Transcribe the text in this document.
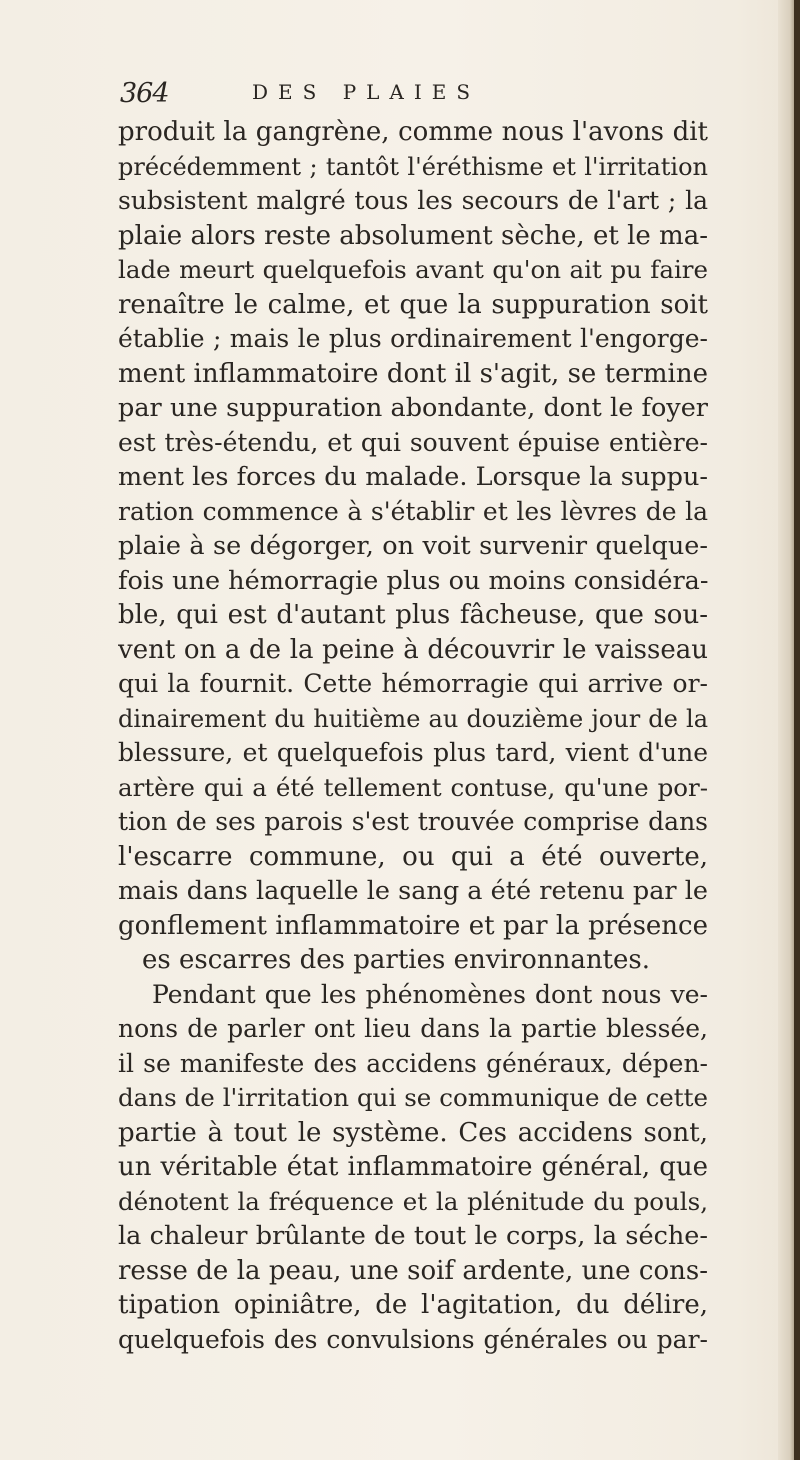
364	DES PLAIES
produit la gangrène, comme nous l'avons dit
précédemment ; tantôt l'éréthisme et l'irritation
subsistent malgré tous les secours de l'art ; la
plaie alors reste absolument sèche, et le ma-
lade meurt quelquefois avant qu'on ait pu faire
renaître le calme, et que la suppuration soit
établie ; mais le plus ordinairement l'engorge-
ment inflammatoire dont il s'agit, se termine
par une suppuration abondante, dont le foyer
est très-étendu, et qui souvent épuise entière-
ment les forces du malade. Lorsque la suppu-
ration commence à s'établir et les lèvres de la
plaie à se dégorger, on voit survenir quelque-
fois une hémorragie plus ou moins considéra-
ble, qui est d'autant plus fâcheuse, que sou-
vent on a de la peine à découvrir le vaisseau
qui la fournit. Cette hémorragie qui arrive or-
dinairement du huitième au douzième jour de la
blessure, et quelquefois plus tard, vient d'une
artère qui a été tellement contuse, qu'une por-
tion de ses parois s'est trouvée comprise dans
l'escarre commune, ou qui a été ouverte,
mais dans laquelle le sang a été retenu par le
gonflement inflammatoire et par la présence
es escarres des parties environnantes.
Pendant que les phénomènes dont nous ve-
nons de parler ont lieu dans la partie blessée,
il se manifeste des accidens généraux, dépen-
dans de l'irritation qui se communique de cette
partie à tout le système. Ces accidens sont,
un véritable état inflammatoire général, que
dénotent la fréquence et la plénitude du pouls,
la chaleur brûlante de tout le corps, la séche-
resse de la peau, une soif ardente, une cons-
tipation opiniâtre, de l'agitation, du délire,
quelquefois des convulsions générales ou par-
